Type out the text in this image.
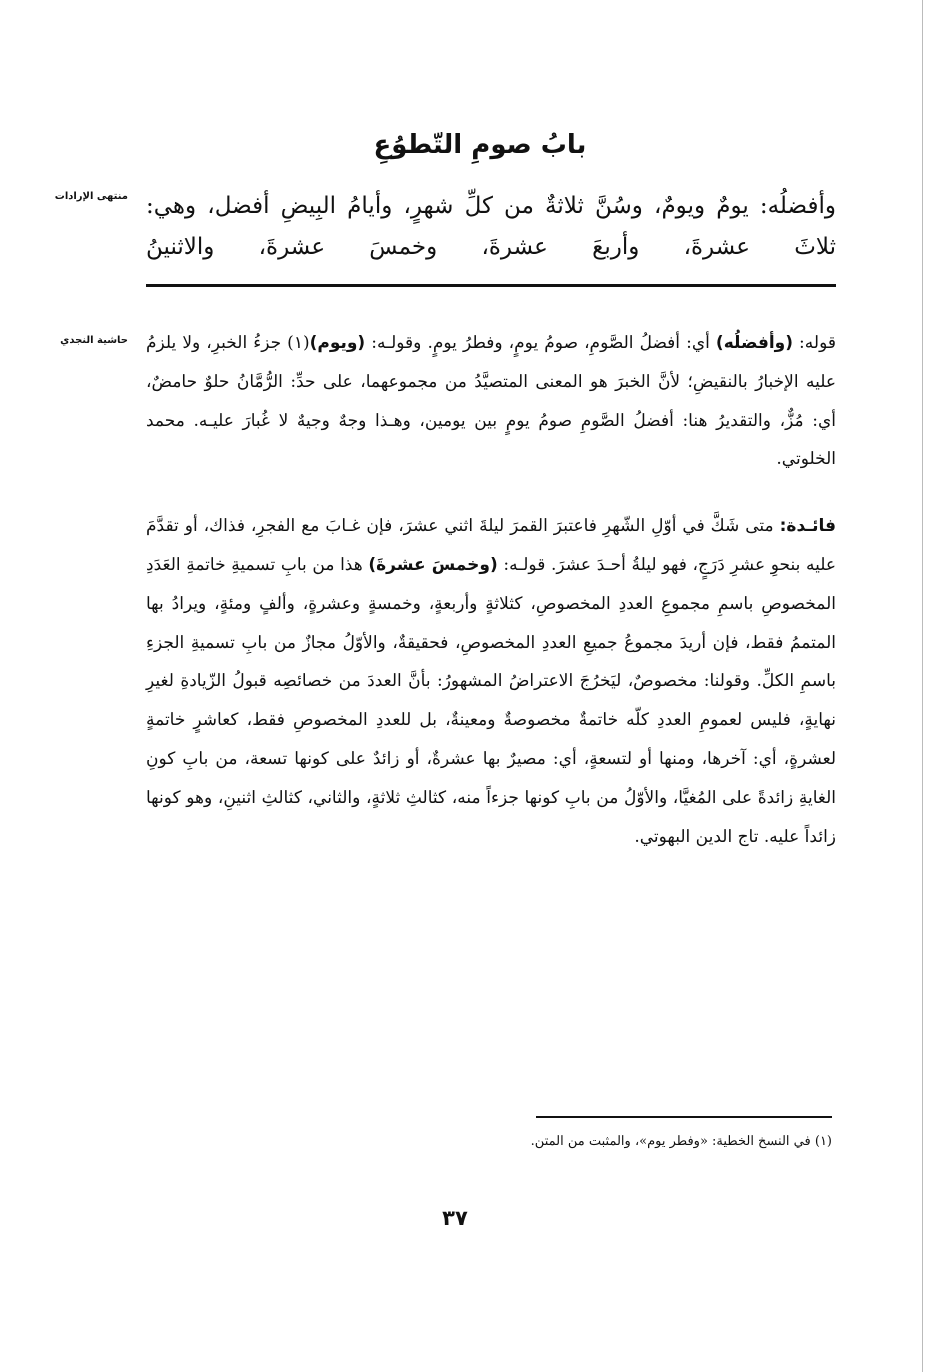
بابُ صومِ التّطوُعِ
منتهى الإرادات
حاشية النجدي
وأفضلُه: يومٌ ويومٌ، وسُنَّ ثلاثةٌ من كلِّ شهرٍ، وأيامُ البِيضِ أفضل، وهي: ثلاثَ عشرةَ، وأربعَ عشرةَ، وخمسَ عشرةَ، والاثنينُ

قوله: (وأفضلُه) أي: أفضلُ الصَّومِ، صومُ يومٍ، وفطرُ يومٍ. وقولـه: (ويوم)(١) جزءُ الخبرِ، ولا يلزمُ عليه الإخبارُ بالنقيضِ؛ لأنَّ الخبرَ هو المعنى المتصيَّدُ من مجموعهما، على حدِّ: الرُّمَّانُ حلوٌ حامضٌ، أي: مُزٌّ، والتقديرُ هنا: أفضلُ الصَّومِ صومُ يومٍ بين يومين، وهـذا وجهٌ وجيهٌ لا غُبارَ عليـه. محمد الخلوتي.

فائـدة: متى شَكَّ في أوّلِ الشّهرِ فاعتبرَ القمرَ ليلةَ اثني عشرَ، فإن غـابَ مع الفجرِ، فذاك، أو تقدَّمَ عليه بنحوِ عشرِ دَرَجٍ، فهو ليلةُ أحـدَ عشرَ. قولـه: (وخمسَ عشرةَ) هذا من بابِ تسميةِ خاتمةِ العَدَدِ المخصوصِ باسمِ مجموعِ العددِ المخصوصِ، كثلاثةٍ وأربعةٍ، وخمسةٍ وعشرةٍ، وألفٍ ومئةٍ، ويرادُ بها المتممُ فقط، فإن أريدَ مجموعُ جميعِ العددِ المخصوصِ، فحقيقةٌ، والأوّلُ مجازٌ من بابِ تسميةِ الجزءِ باسمِ الكلِّ. وقولنا: مخصوصٌ، ليَخرُجَ الاعتراضُ المشهورُ: بأنَّ العددَ من خصائصِه قبولُ الزّيادةِ لغيرِ نهايةٍ، فليس لعمومِ العددِ كلّه خاتمةٌ مخصوصةٌ ومعينةٌ، بل للعددِ المخصوصِ فقط، كعاشرٍ خاتمةٍ لعشرةٍ، أي: آخرها، ومنها أو لتسعةٍ، أي: مصيرٌ بها عشرةٌ، أو زائدٌ على كونها تسعة، من بابِ كونِ الغايةِ زائدةً على المُغيَّا، والأوّلُ من بابِ كونها جزءاً منه، كثالثِ ثلاثةٍ، والثاني، كثالثِ اثنينِ، وهو كونها زائداً عليه. تاج الدين البهوتي.

(١) في النسخ الخطية: «وفطر يوم»، والمثبت من المتن.
٣٧
